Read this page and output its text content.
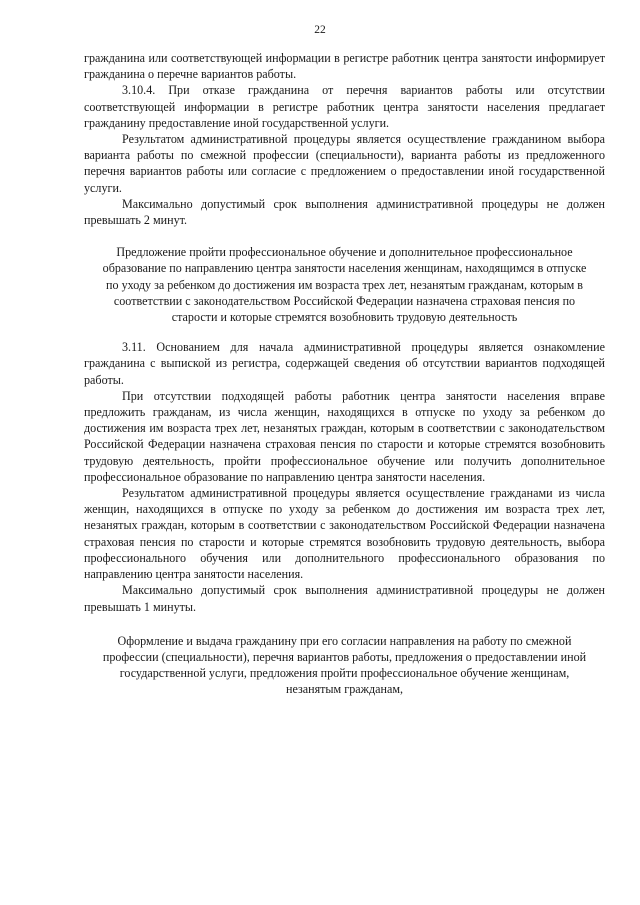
22

гражданина или соответствующей информации в регистре работник центра занятости информирует гражданина о перечне вариантов работы.

3.10.4. При отказе гражданина от перечня вариантов работы или отсутствии соответствующей информации в регистре работник центра занятости населения предлагает гражданину предоставление иной государственной услуги.

Результатом административной процедуры является осуществление гражданином выбора варианта работы по смежной профессии (специальности), варианта работы из предложенного перечня вариантов работы или согласие с предложением о предоставлении иной государственной услуги.

Максимально допустимый срок выполнения административной процедуры не должен превышать 2 минут.

Предложение пройти профессиональное обучение и дополнительное профессиональное образование по направлению центра занятости населения женщинам, находящимся в отпуске по уходу за ребенком до достижения им возраста трех лет, незанятым гражданам, которым в соответствии с законодательством Российской Федерации назначена страховая пенсия по старости и которые стремятся возобновить трудовую деятельность

3.11. Основанием для начала административной процедуры является ознакомление гражданина с выпиской из регистра, содержащей сведения об отсутствии вариантов подходящей работы.

При отсутствии подходящей работы работник центра занятости населения вправе предложить гражданам, из числа женщин, находящихся в отпуске по уходу за ребенком до достижения им возраста трех лет, незанятых граждан, которым в соответствии с законодательством Российской Федерации назначена страховая пенсия по старости и которые стремятся возобновить трудовую деятельность, пройти профессиональное обучение или получить дополнительное профессиональное образование по направлению центра занятости населения.

Результатом административной процедуры является осуществление гражданами из числа женщин, находящихся в отпуске по уходу за ребенком до достижения им возраста трех лет, незанятых граждан, которым в соответствии с законодательством Российской Федерации назначена страховая пенсия по старости и которые стремятся возобновить трудовую деятельность, выбора профессионального обучения или дополнительного профессионального образования по направлению центра занятости населения.

Максимально допустимый срок выполнения административной процедуры не должен превышать 1 минуты.

Оформление и выдача гражданину при его согласии направления на работу по смежной профессии (специальности), перечня вариантов работы, предложения о предоставлении иной государственной услуги, предложения пройти профессиональное обучение женщинам, незанятым гражданам,
